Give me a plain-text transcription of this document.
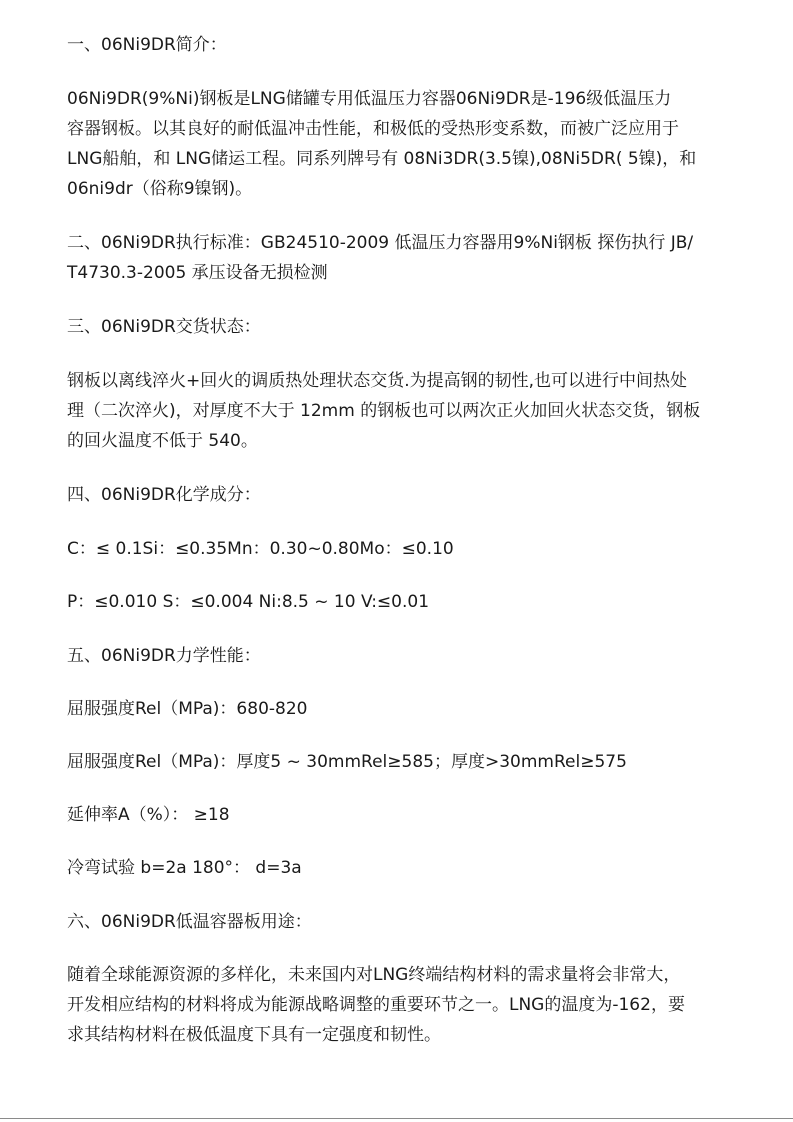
一、06Ni9DR简介：
06Ni9DR(9%Ni)钢板是LNG储罐专用低温压力容器06Ni9DR是-196级低温压力
容器钢板。以其良好的耐低温冲击性能，和极低的受热形变系数，而被广泛应用于
LNG船舶，和 LNG储运工程。同系列牌号有 08Ni3DR(3.5镍),08Ni5DR( 5镍)，和
06ni9dr（俗称9镍钢)。
二、06Ni9DR执行标准：GB24510-2009 低温压力容器用9%Ni钢板 探伤执行 JB/
T4730.3-2005 承压设备无损检测
三、06Ni9DR交货状态：
钢板以离线淬火+回火的调质热处理状态交货.为提高钢的韧性,也可以进行中间热处
理（二次淬火)，对厚度不大于 12mm 的钢板也可以两次正火加回火状态交货，钢板
的回火温度不低于 540。
四、06Ni9DR化学成分：
C：≤ 0.1Si：≤0.35Mn：0.30~0.80Mo：≤0.10
P：≤0.010 S：≤0.004 Ni:8.5 ~ 10 V:≤0.01
五、06Ni9DR力学性能：
屈服强度Rel（MPa)：680-820
屈服强度Rel（MPa)：厚度5 ~ 30mmRel≥585；厚度>30mmRel≥575
延伸率A（%）： ≥18
冷弯试验 b=2a 180°： d=3a
六、06Ni9DR低温容器板用途：
随着全球能源资源的多样化，未来国内对LNG终端结构材料的需求量将会非常大，
开发相应结构的材料将成为能源战略调整的重要环节之一。LNG的温度为-162，要
求其结构材料在极低温度下具有一定强度和韧性。
